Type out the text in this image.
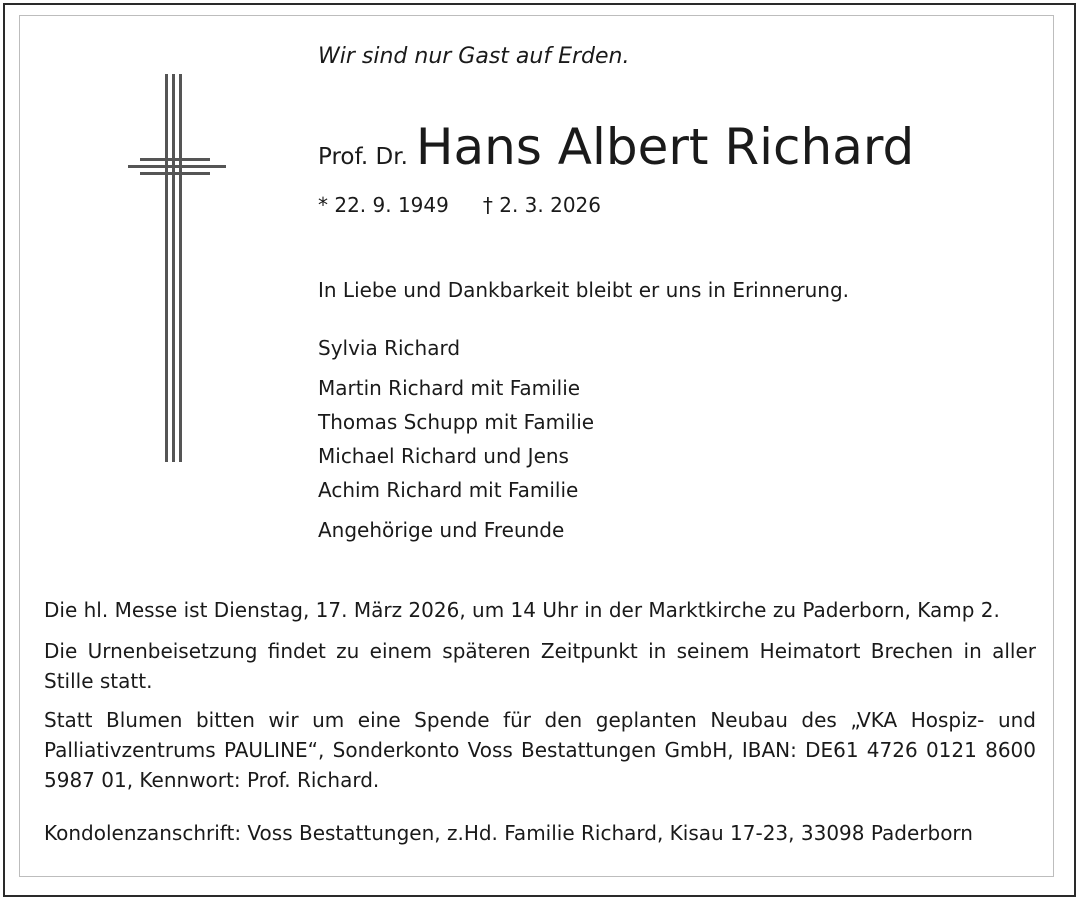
Wir sind nur Gast auf Erden.
Prof. Dr. Hans Albert Richard
* 22. 9. 1949 † 2. 3. 2026
In Liebe und Dankbarkeit bleibt er uns in Erinnerung.
Sylvia Richard
Martin Richard mit Familie
Thomas Schupp mit Familie
Michael Richard und Jens
Achim Richard mit Familie
Angehörige und Freunde
Die hl. Messe ist Dienstag, 17. März 2026, um 14 Uhr in der Marktkirche zu Paderborn, Kamp 2.
Die Urnenbeisetzung findet zu einem späteren Zeitpunkt in seinem Heimatort Brechen in aller Stille statt.
Statt Blumen bitten wir um eine Spende für den geplanten Neubau des „VKA Hospiz- und Palliativzentrums PAULINE“, Sonderkonto Voss Bestattungen GmbH, IBAN: DE61 4726 0121 8600 5987 01, Kennwort: Prof. Richard.
Kondolenzanschrift: Voss Bestattungen, z.Hd. Familie Richard, Kisau 17-23, 33098 Paderborn
